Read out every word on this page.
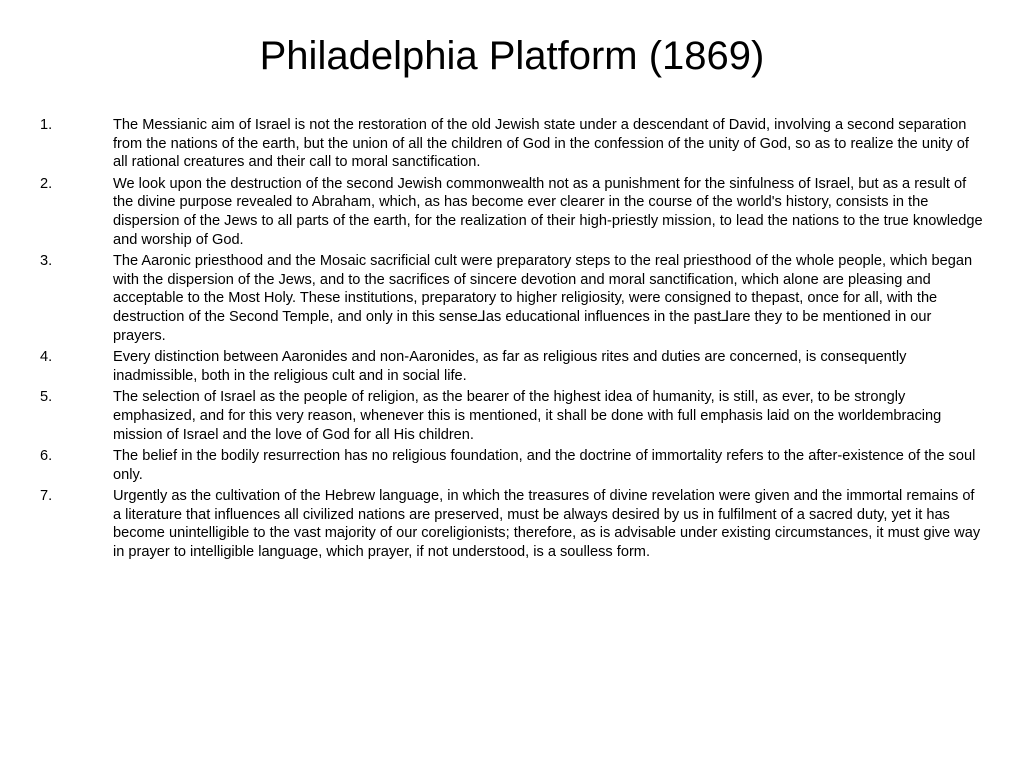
Philadelphia Platform (1869)
1.	The Messianic aim of Israel is not the restoration of the old Jewish state under a descendant of David, involving a second separation from the nations of the earth, but the union of all the children of God in the confession of the unity of God, so as to realize the unity of all rational creatures and their call to moral sanctification.
2.	We look upon the destruction of the second Jewish commonwealth not as a punishment for the sinfulness of Israel, but as a result of the divine purpose revealed to Abraham, which, as has become ever clearer in the course of the world's history, consists in the dispersion of the Jews to all parts of the earth, for the realization of their high-priestly mission, to lead the nations to the true knowledge and worship of God.
3.	The Aaronic priesthood and the Mosaic sacrificial cult were preparatory steps to the real priesthood of the whole people, which began with the dispersion of the Jews, and to the sacrifices of sincere devotion and moral sanctification, which alone are pleasing and acceptable to the Most Holy. These institutions, preparatory to higher religiosity, were consigned to thepast, once for all, with the destruction of the Second Temple, and only in this sense⅃as educational influences in the past⅃are they to be mentioned in our prayers.
4.	Every distinction between Aaronides and non-Aaronides, as far as religious rites and duties are concerned, is consequently inadmissible, both in the religious cult and in social life.
5.	The selection of Israel as the people of religion, as the bearer of the highest idea of humanity, is still, as ever, to be strongly emphasized, and for this very reason, whenever this is mentioned, it shall be done with full emphasis laid on the worldembracing mission of Israel and the love of God for all His children.
6.	The belief in the bodily resurrection has no religious foundation, and the doctrine of immortality refers to the after-existence of the soul only.
7.	Urgently as the cultivation of the Hebrew language, in which the treasures of divine revelation were given and the immortal remains of a literature that influences all civilized nations are preserved, must be always desired by us in fulfilment of a sacred duty, yet it has become unintelligible to the vast majority of our coreligionists; therefore, as is advisable under existing circumstances, it must give way in prayer to intelligible language, which prayer, if not understood, is a soulless form.
